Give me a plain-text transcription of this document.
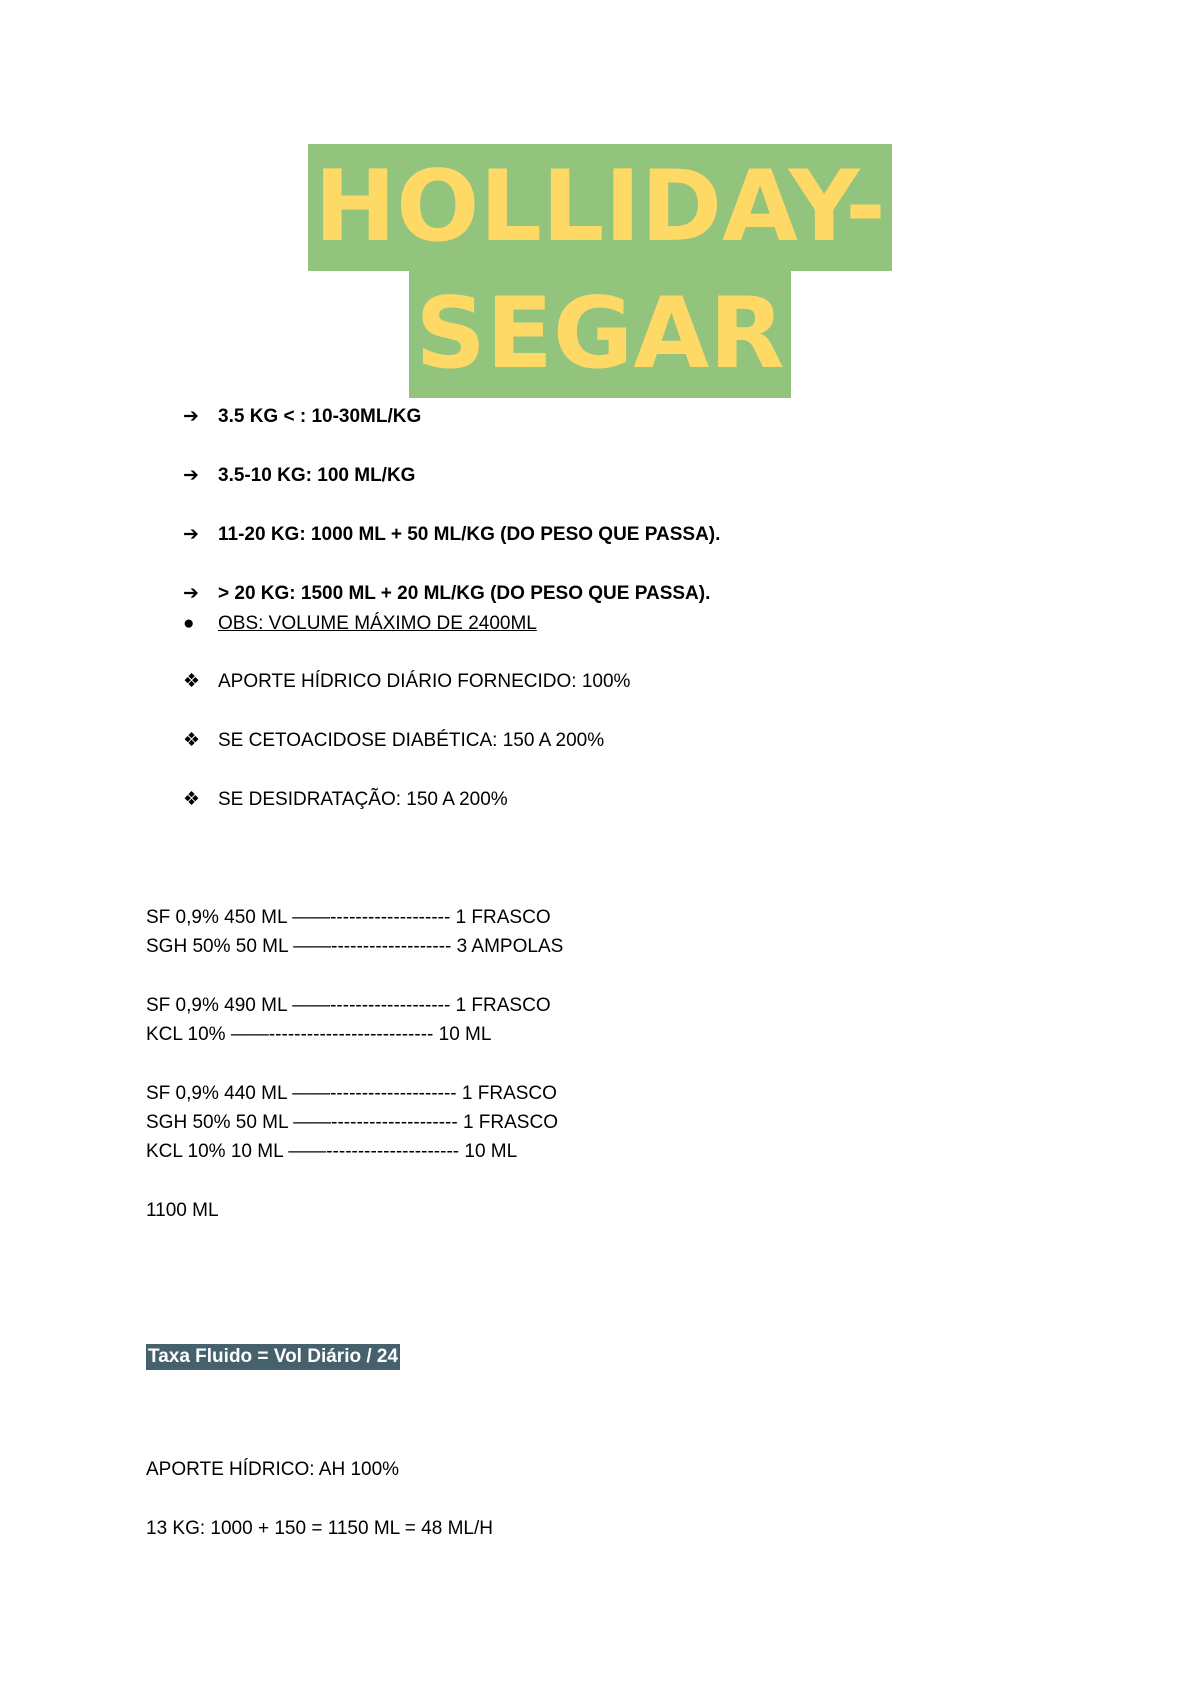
HOLLIDAY-
SEGAR
➔ 3.5 KG < : 10-30ML/KG
➔ 3.5-10 KG: 100 ML/KG
➔ 11-20 KG: 1000 ML + 50 ML/KG (DO PESO QUE PASSA).
➔ > 20 KG: 1500 ML + 20 ML/KG (DO PESO QUE PASSA).
● OBS: VOLUME MÁXIMO DE 2400ML
❖ APORTE HÍDRICO DIÁRIO FORNECIDO: 100%
❖ SE CETOACIDOSE DIABÉTICA: 150 A 200%
❖ SE DESIDRATAÇÃO: 150 A 200%
SF 0,9% 450 ML ——------------------- 1 FRASCO
SGH 50% 50 ML ——------------------- 3 AMPOLAS
SF 0,9% 490 ML ——------------------- 1 FRASCO
KCL 10% ——-------------------------- 10 ML
SF 0,9% 440 ML ——-------------------- 1 FRASCO
SGH 50% 50 ML ——-------------------- 1 FRASCO
KCL 10% 10 ML ——--------------------- 10 ML
1100 ML
Taxa Fluido = Vol Diário / 24
APORTE HÍDRICO: AH 100%
13 KG: 1000 + 150 = 1150 ML = 48 ML/H
